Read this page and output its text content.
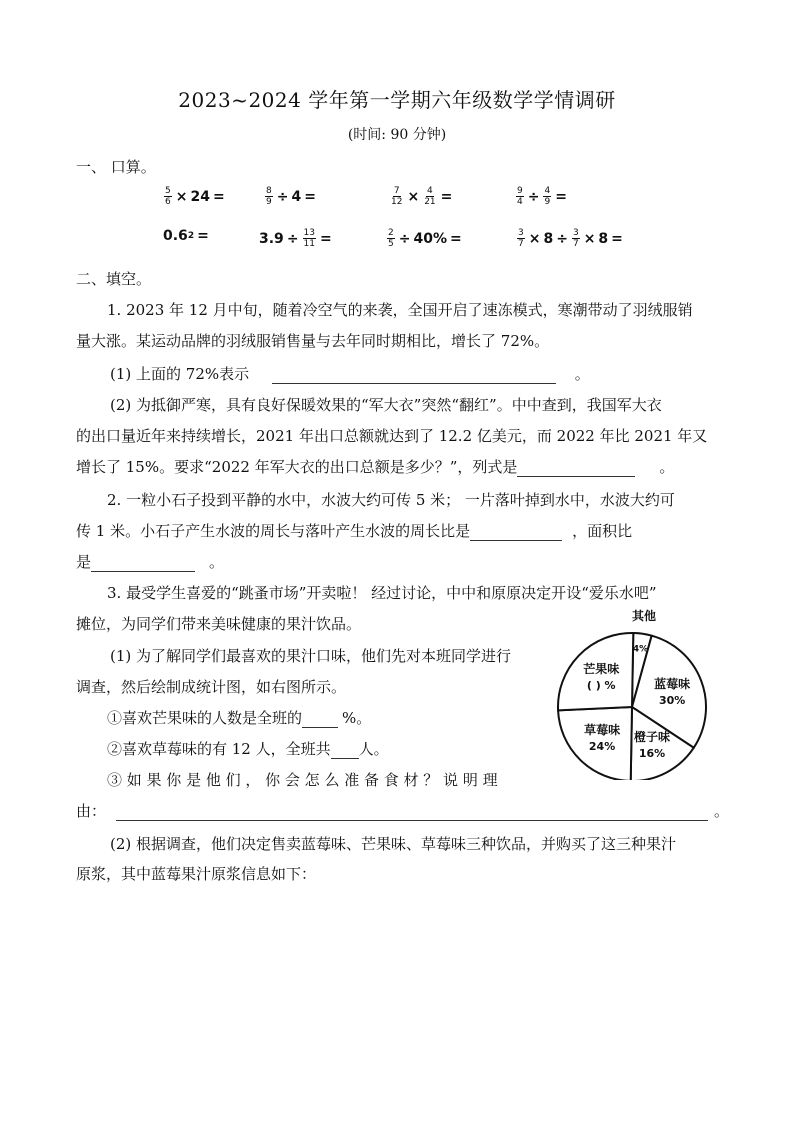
2023~2024 学年第一学期六年级数学学情调研
(时间: 90 分钟)
一、 口算。
$\frac{5}{6} \times 24$ =	$\frac{8}{9} \div 4$ =	$\frac{7}{12} \times \frac{4}{21}$ =	$\frac{9}{4} \div \frac{4}{9}$ =
0.6 2 =	$3.9 \div \frac{13}{11}$ =	$\frac{2}{5} \div 40\%$ =	$\frac{3}{7} \times 8 \div \frac{3}{7} \times 8$ =
二、填空。
1. 2023 年 12 月中旬，随着冷空气的来袭，全国开启了速冻模式，寒潮带动了羽绒服销
量大涨。某运动品牌的羽绒服销售量与去年同时期相比，增长了 72%。
(1) 上面的 72%表示	。
(2) 为抵御严寒，具有良好保暖效果的“军大衣”突然“翻红”。中中查到，我国军大衣
的出口量近年来持续增长，2021 年出口总额就达到了 12.2 亿美元，而 2022 年比 2021 年又
增长了 15%。要求“2022 年军大衣的出口总额是多少？”，列式是	。
2. 一粒小石子投到平静的水中，水波大约可传 5 米； 一片落叶掉到水中，水波大约可
传 1 米。小石子产生水波的周长与落叶产生水波的周长比是	，面积比
是	。
3. 最受学生喜爱的“跳蚤市场”开卖啦！ 经过讨论，中中和原原决定开设“爱乐水吧”
摊位，为同学们带来美味健康的果汁饮品。
(1) 为了解同学们最喜欢的果汁口味，他们先对本班同学进行
调查，然后绘制成统计图，如右图所示。
①喜欢芒果味的人数是全班的	%。
②喜欢草莓味的有 12 人，全班共 人。
③ 如 果 你 是 他 们 ， 你 会 怎 么 准 备 食 材 ？ 说 明 理
由：	。
(2) 根据调查，他们决定售卖蓝莓味、芒果味、草莓味三种饮品，并购买了这三种果汁
原浆，其中蓝莓果汁原浆信息如下：
其他
4%
蓝莓味
30%
橙子味
16%
草莓味
24%
芒果味
( ) %
